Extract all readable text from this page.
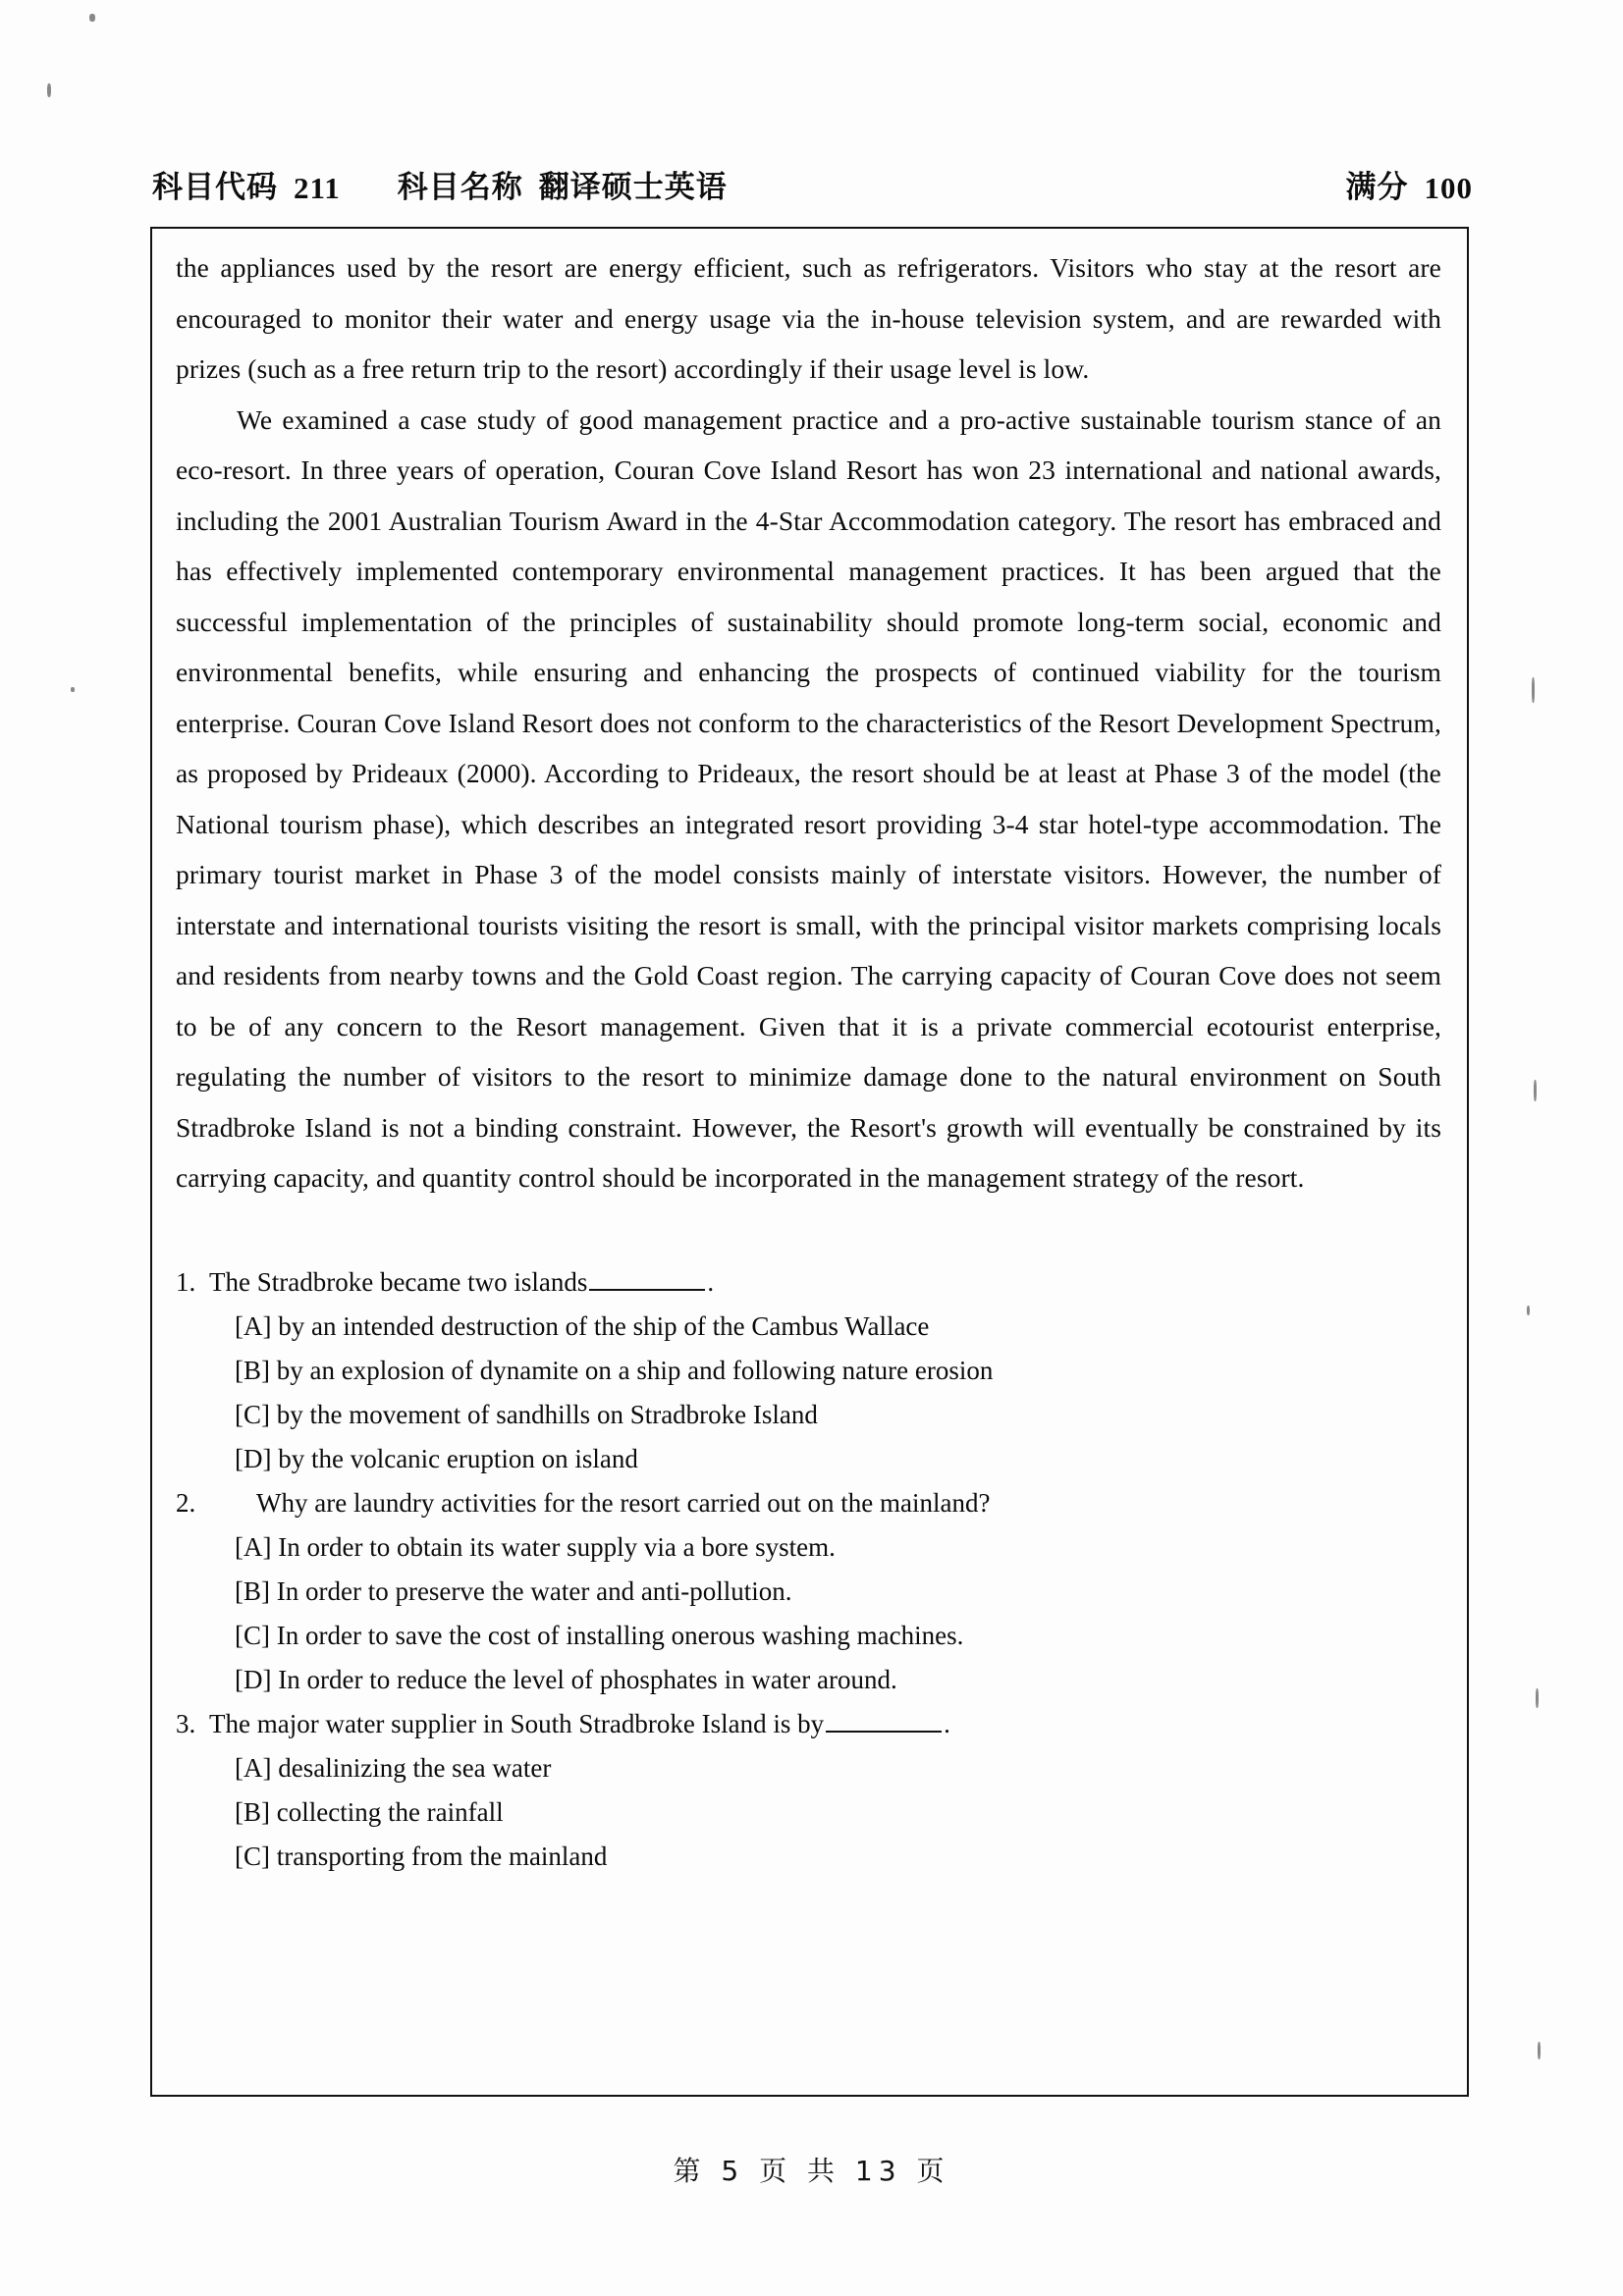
科目代码 211 科目名称 翻译硕士英语	满分 100

the appliances used by the resort are energy efficient, such as refrigerators. Visitors who stay at the resort are encouraged to monitor their water and energy usage via the in-house television system, and are rewarded with prizes (such as a free return trip to the resort) accordingly if their usage level is low.

We examined a case study of good management practice and a pro-active sustainable tourism stance of an eco-resort. In three years of operation, Couran Cove Island Resort has won 23 international and national awards, including the 2001 Australian Tourism Award in the 4-Star Accommodation category. The resort has embraced and has effectively implemented contemporary environmental management practices. It has been argued that the successful implementation of the principles of sustainability should promote long-term social, economic and environmental benefits, while ensuring and enhancing the prospects of continued viability for the tourism enterprise. Couran Cove Island Resort does not conform to the characteristics of the Resort Development Spectrum, as proposed by Prideaux (2000). According to Prideaux, the resort should be at least at Phase 3 of the model (the National tourism phase), which describes an integrated resort providing 3-4 star hotel-type accommodation. The primary tourist market in Phase 3 of the model consists mainly of interstate visitors. However, the number of interstate and international tourists visiting the resort is small, with the principal visitor markets comprising locals and residents from nearby towns and the Gold Coast region. The carrying capacity of Couran Cove does not seem to be of any concern to the Resort management. Given that it is a private commercial ecotourist enterprise, regulating the number of visitors to the resort to minimize damage done to the natural environment on South Stradbroke Island is not a binding constraint. However, the Resort's growth will eventually be constrained by its carrying capacity, and quantity control should be incorporated in the management strategy of the resort.

1. The Stradbroke became two islands	.
[A] by an intended destruction of the ship of the Cambus Wallace
[B] by an explosion of dynamite on a ship and following nature erosion
[C] by the movement of sandhills on Stradbroke Island
[D] by the volcanic eruption on island
2.	Why are laundry activities for the resort carried out on the mainland?
[A] In order to obtain its water supply via a bore system.
[B] In order to preserve the water and anti-pollution.
[C] In order to save the cost of installing onerous washing machines.
[D] In order to reduce the level of phosphates in water around.
3. The major water supplier in South Stradbroke Island is by	.
[A] desalinizing the sea water
[B] collecting the rainfall
[C] transporting from the mainland
第 5 页 共 13 页
